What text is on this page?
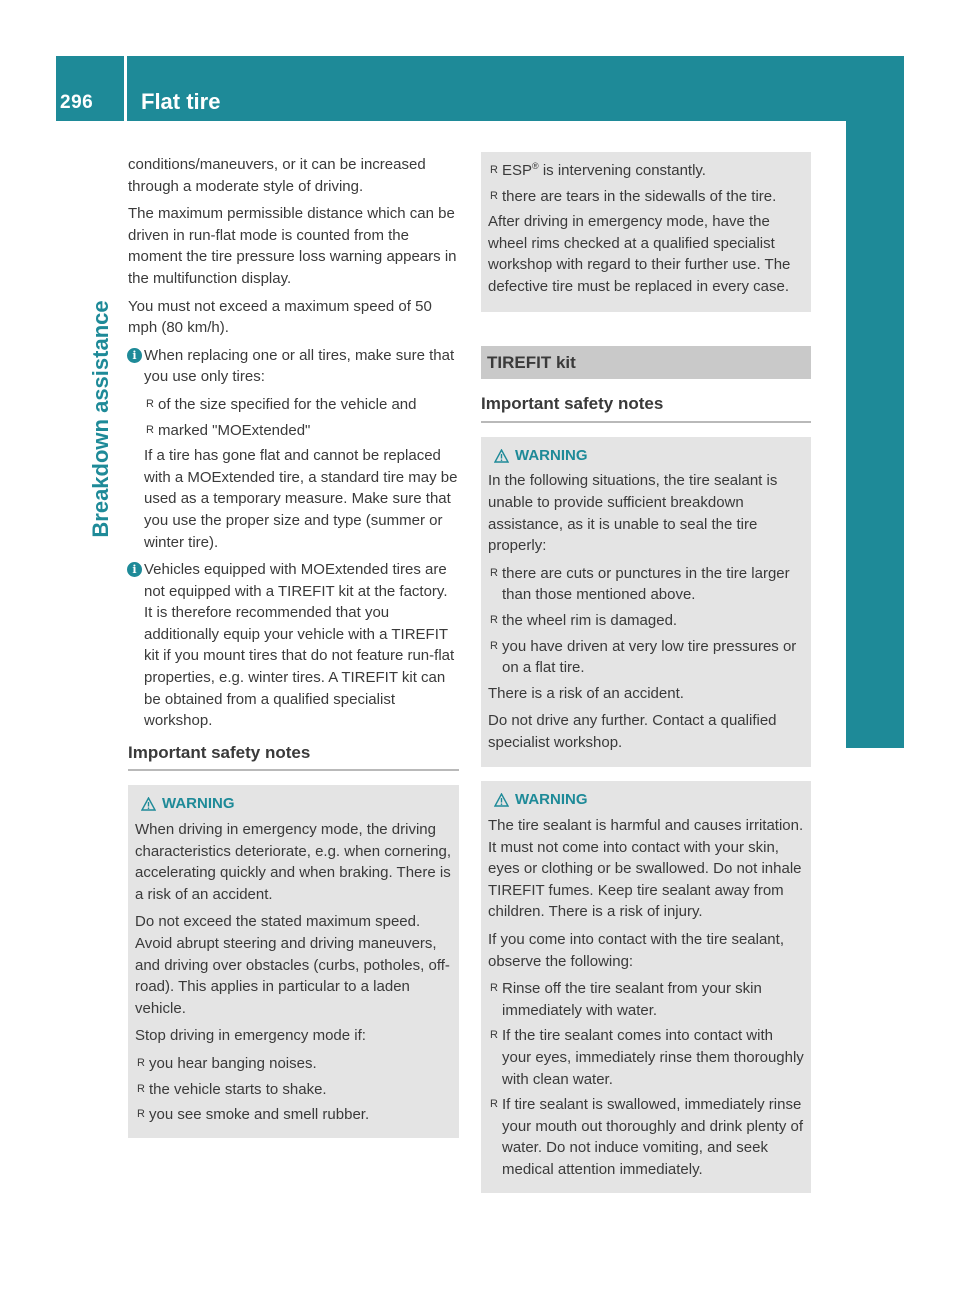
296	Flat tire
Breakdown assistance

conditions/maneuvers, or it can be increased through a moderate style of driving.

The maximum permissible distance which can be driven in run-flat mode is counted from the moment the tire pressure loss warning appears in the multifunction display.

You must not exceed a maximum speed of 50 mph (80 km/h).

i When replacing one or all tires, make sure that you use only tires:

R of the size specified for the vehicle and
R marked "MOExtended"

If a tire has gone flat and cannot be replaced with a MOExtended tire, a standard tire may be used as a temporary measure. Make sure that you use the proper size and type (summer or winter tire).

i Vehicles equipped with MOExtended tires are not equipped with a TIREFIT kit at the factory. It is therefore recommended that you additionally equip your vehicle with a TIREFIT kit if you mount tires that do not feature run-flat properties, e.g. winter tires. A TIREFIT kit can be obtained from a qualified specialist workshop.

Important safety notes
WARNING

When driving in emergency mode, the driving characteristics deteriorate, e.g. when cornering, accelerating quickly and when braking. There is a risk of an accident.

Do not exceed the stated maximum speed. Avoid abrupt steering and driving maneuvers, and driving over obstacles (curbs, potholes, off-road). This applies in particular to a laden vehicle.

Stop driving in emergency mode if:

R you hear banging noises.
R the vehicle starts to shake.
R you see smoke and smell rubber.
R ESP® is intervening constantly.
R there are tears in the sidewalls of the tire.

After driving in emergency mode, have the wheel rims checked at a qualified specialist workshop with regard to their further use. The defective tire must be replaced in every case.

TIREFIT kit
Important safety notes
WARNING

In the following situations, the tire sealant is unable to provide sufficient breakdown assistance, as it is unable to seal the tire properly:

R there are cuts or punctures in the tire larger than those mentioned above.
R the wheel rim is damaged.
R you have driven at very low tire pressures or on a flat tire.

There is a risk of an accident.

Do not drive any further. Contact a qualified specialist workshop.

WARNING

The tire sealant is harmful and causes irritation. It must not come into contact with your skin, eyes or clothing or be swallowed. Do not inhale TIREFIT fumes. Keep tire sealant away from children. There is a risk of injury.

If you come into contact with the tire sealant, observe the following:

R Rinse off the tire sealant from your skin immediately with water.
R If the tire sealant comes into contact with your eyes, immediately rinse them thoroughly with clean water.
R If tire sealant is swallowed, immediately rinse your mouth out thoroughly and drink plenty of water. Do not induce vomiting, and seek medical attention immediately.
